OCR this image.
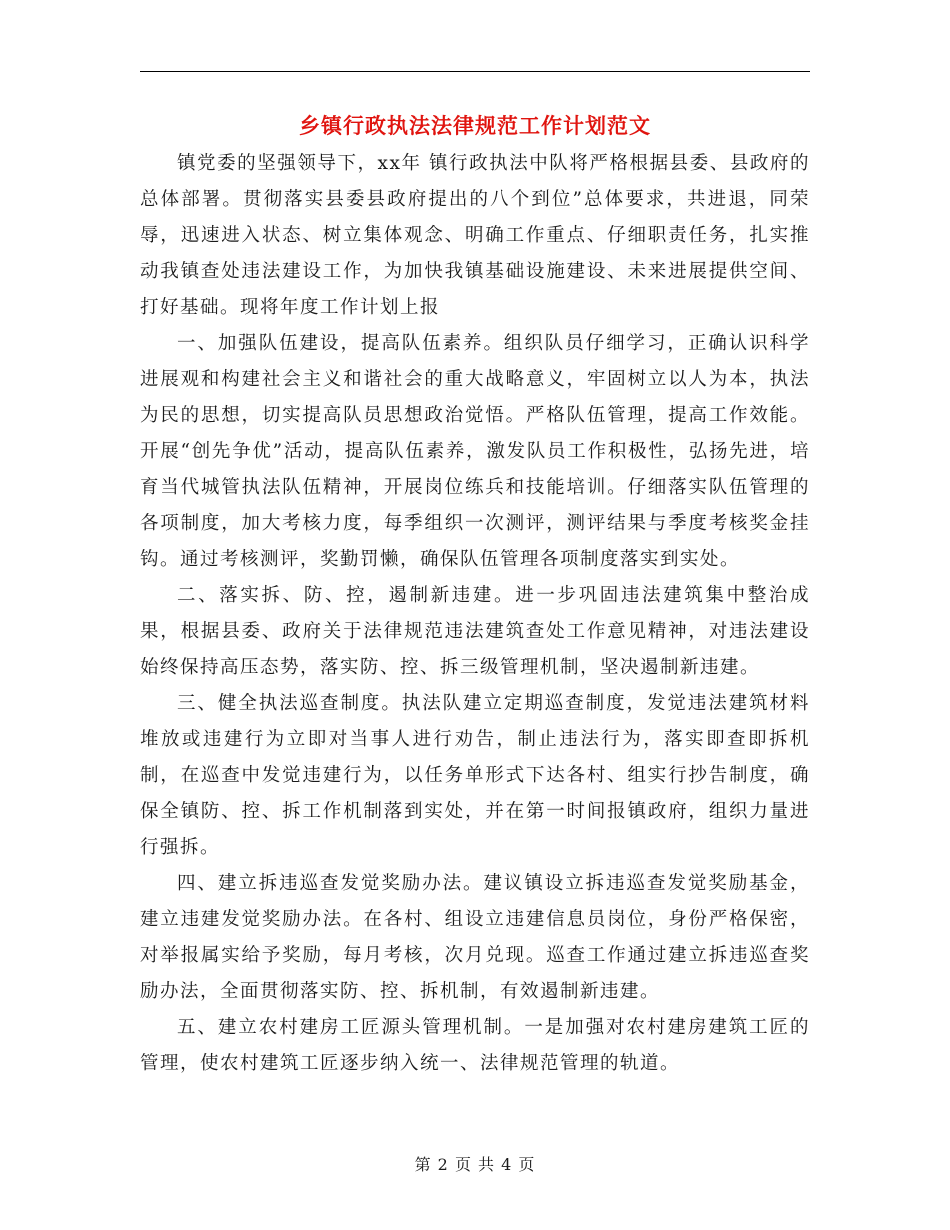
乡镇行政执法法律规范工作计划范文

镇党委的坚强领导下，xx年 镇行政执法中队将严格根据县委、县政府的总体部署。贯彻落实县委县政府提出的八个到位”总体要求，共进退，同荣辱，迅速进入状态、树立集体观念、明确工作重点、仔细职责任务，扎实推动我镇查处违法建设工作，为加快我镇基础设施建设、未来进展提供空间、打好基础。现将年度工作计划上报

一、加强队伍建设，提高队伍素养。组织队员仔细学习，正确认识科学进展观和构建社会主义和谐社会的重大战略意义，牢固树立以人为本，执法为民的思想，切实提高队员思想政治觉悟。严格队伍管理，提高工作效能。开展“创先争优”活动，提高队伍素养，激发队员工作积极性，弘扬先进，培育当代城管执法队伍精神，开展岗位练兵和技能培训。仔细落实队伍管理的各项制度，加大考核力度，每季组织一次测评，测评结果与季度考核奖金挂钩。通过考核测评，奖勤罚懒，确保队伍管理各项制度落实到实处。

二、落实拆、防、控，遏制新违建。进一步巩固违法建筑集中整治成果，根据县委、政府关于法律规范违法建筑查处工作意见精神，对违法建设始终保持高压态势，落实防、控、拆三级管理机制，坚决遏制新违建。

三、健全执法巡查制度。执法队建立定期巡查制度，发觉违法建筑材料堆放或违建行为立即对当事人进行劝告，制止违法行为，落实即查即拆机制，在巡查中发觉违建行为，以任务单形式下达各村、组实行抄告制度，确保全镇防、控、拆工作机制落到实处，并在第一时间报镇政府，组织力量进行强拆。

四、建立拆违巡查发觉奖励办法。建议镇设立拆违巡查发觉奖励基金，建立违建发觉奖励办法。在各村、组设立违建信息员岗位，身份严格保密，对举报属实给予奖励，每月考核，次月兑现。巡查工作通过建立拆违巡查奖励办法，全面贯彻落实防、控、拆机制，有效遏制新违建。

五、建立农村建房工匠源头管理机制。一是加强对农村建房建筑工匠的管理，使农村建筑工匠逐步纳入统一、法律规范管理的轨道。

第 2 页 共 4 页
